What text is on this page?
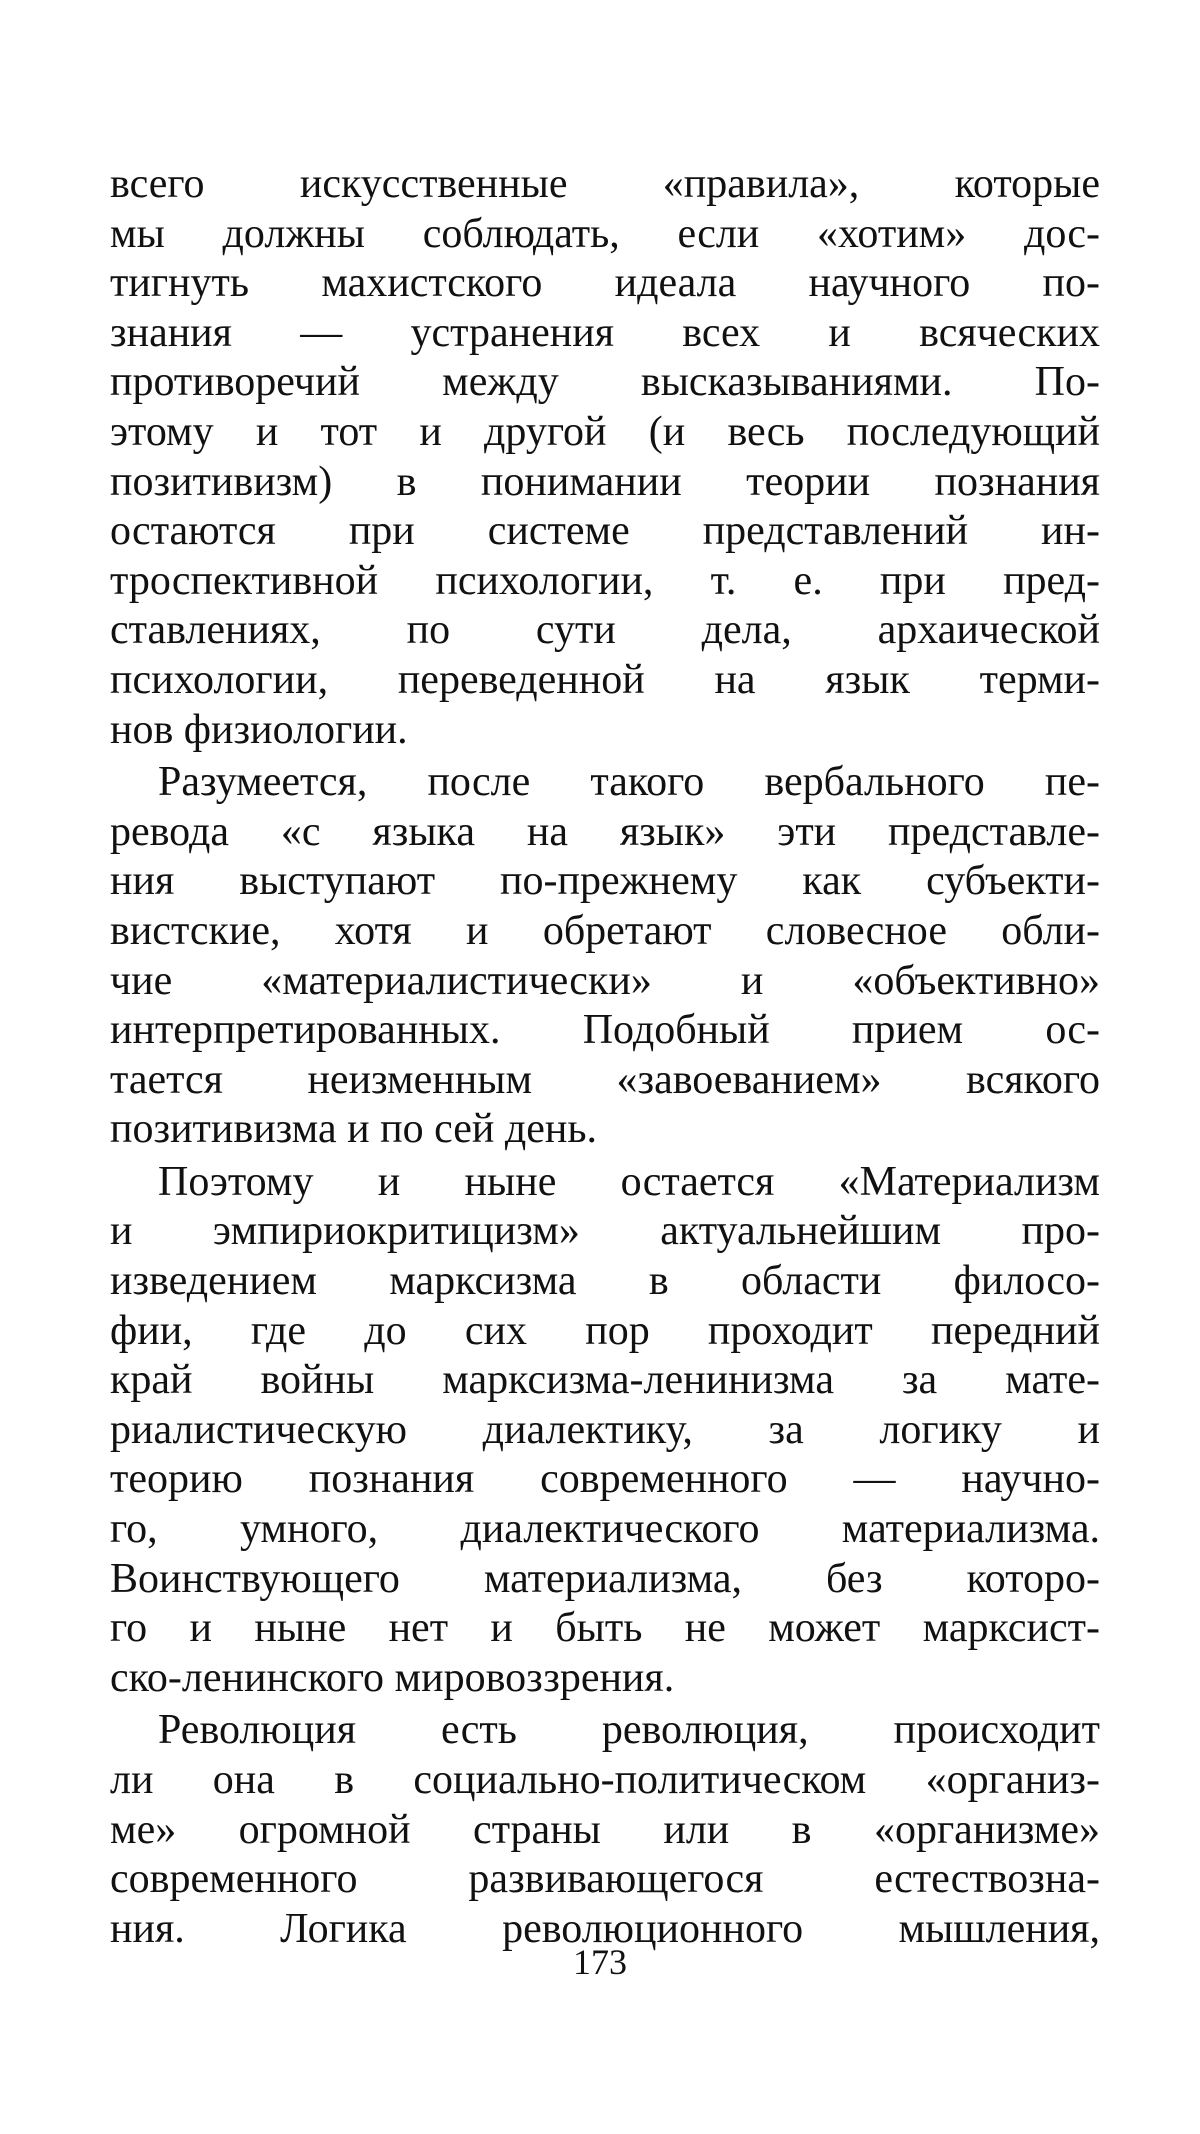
всего искусственные «правила», которые
мы должны соблюдать, если «хотим» дос-
тигнуть махистского идеала научного по-
знания — устранения всех и всяческих
противоречий между высказываниями. По-
этому и тот и другой (и весь последующий
позитивизм) в понимании теории познания
остаются при системе представлений ин-
троспективной психологии, т. е. при пред-
ставлениях, по сути дела, архаической
психологии, переведенной на язык терми-
нов физиологии.
Разумеется, после такого вербального пе-
ревода «с языка на язык» эти представле-
ния выступают по-прежнему как субъекти-
вистские, хотя и обретают словесное обли-
чие «материалистически» и «объективно»
интерпретированных. Подобный прием ос-
тается неизменным «завоеванием» всякого
позитивизма и по сей день.
Поэтому и ныне остается «Материализм
и эмпириокритицизм» актуальнейшим про-
изведением марксизма в области филосо-
фии, где до сих пор проходит передний
край войны марксизма-ленинизма за мате-
риалистическую диалектику, за логику и
теорию познания современного — научно-
го, умного, диалектического материализма.
Воинствующего материализма, без которо-
го и ныне нет и быть не может марксист-
ско-ленинского мировоззрения.
Революция есть революция, происходит
ли она в социально-политическом «организ-
ме» огромной страны или в «организме»
современного развивающегося естествозна-
ния. Логика революционного мышления,
173
